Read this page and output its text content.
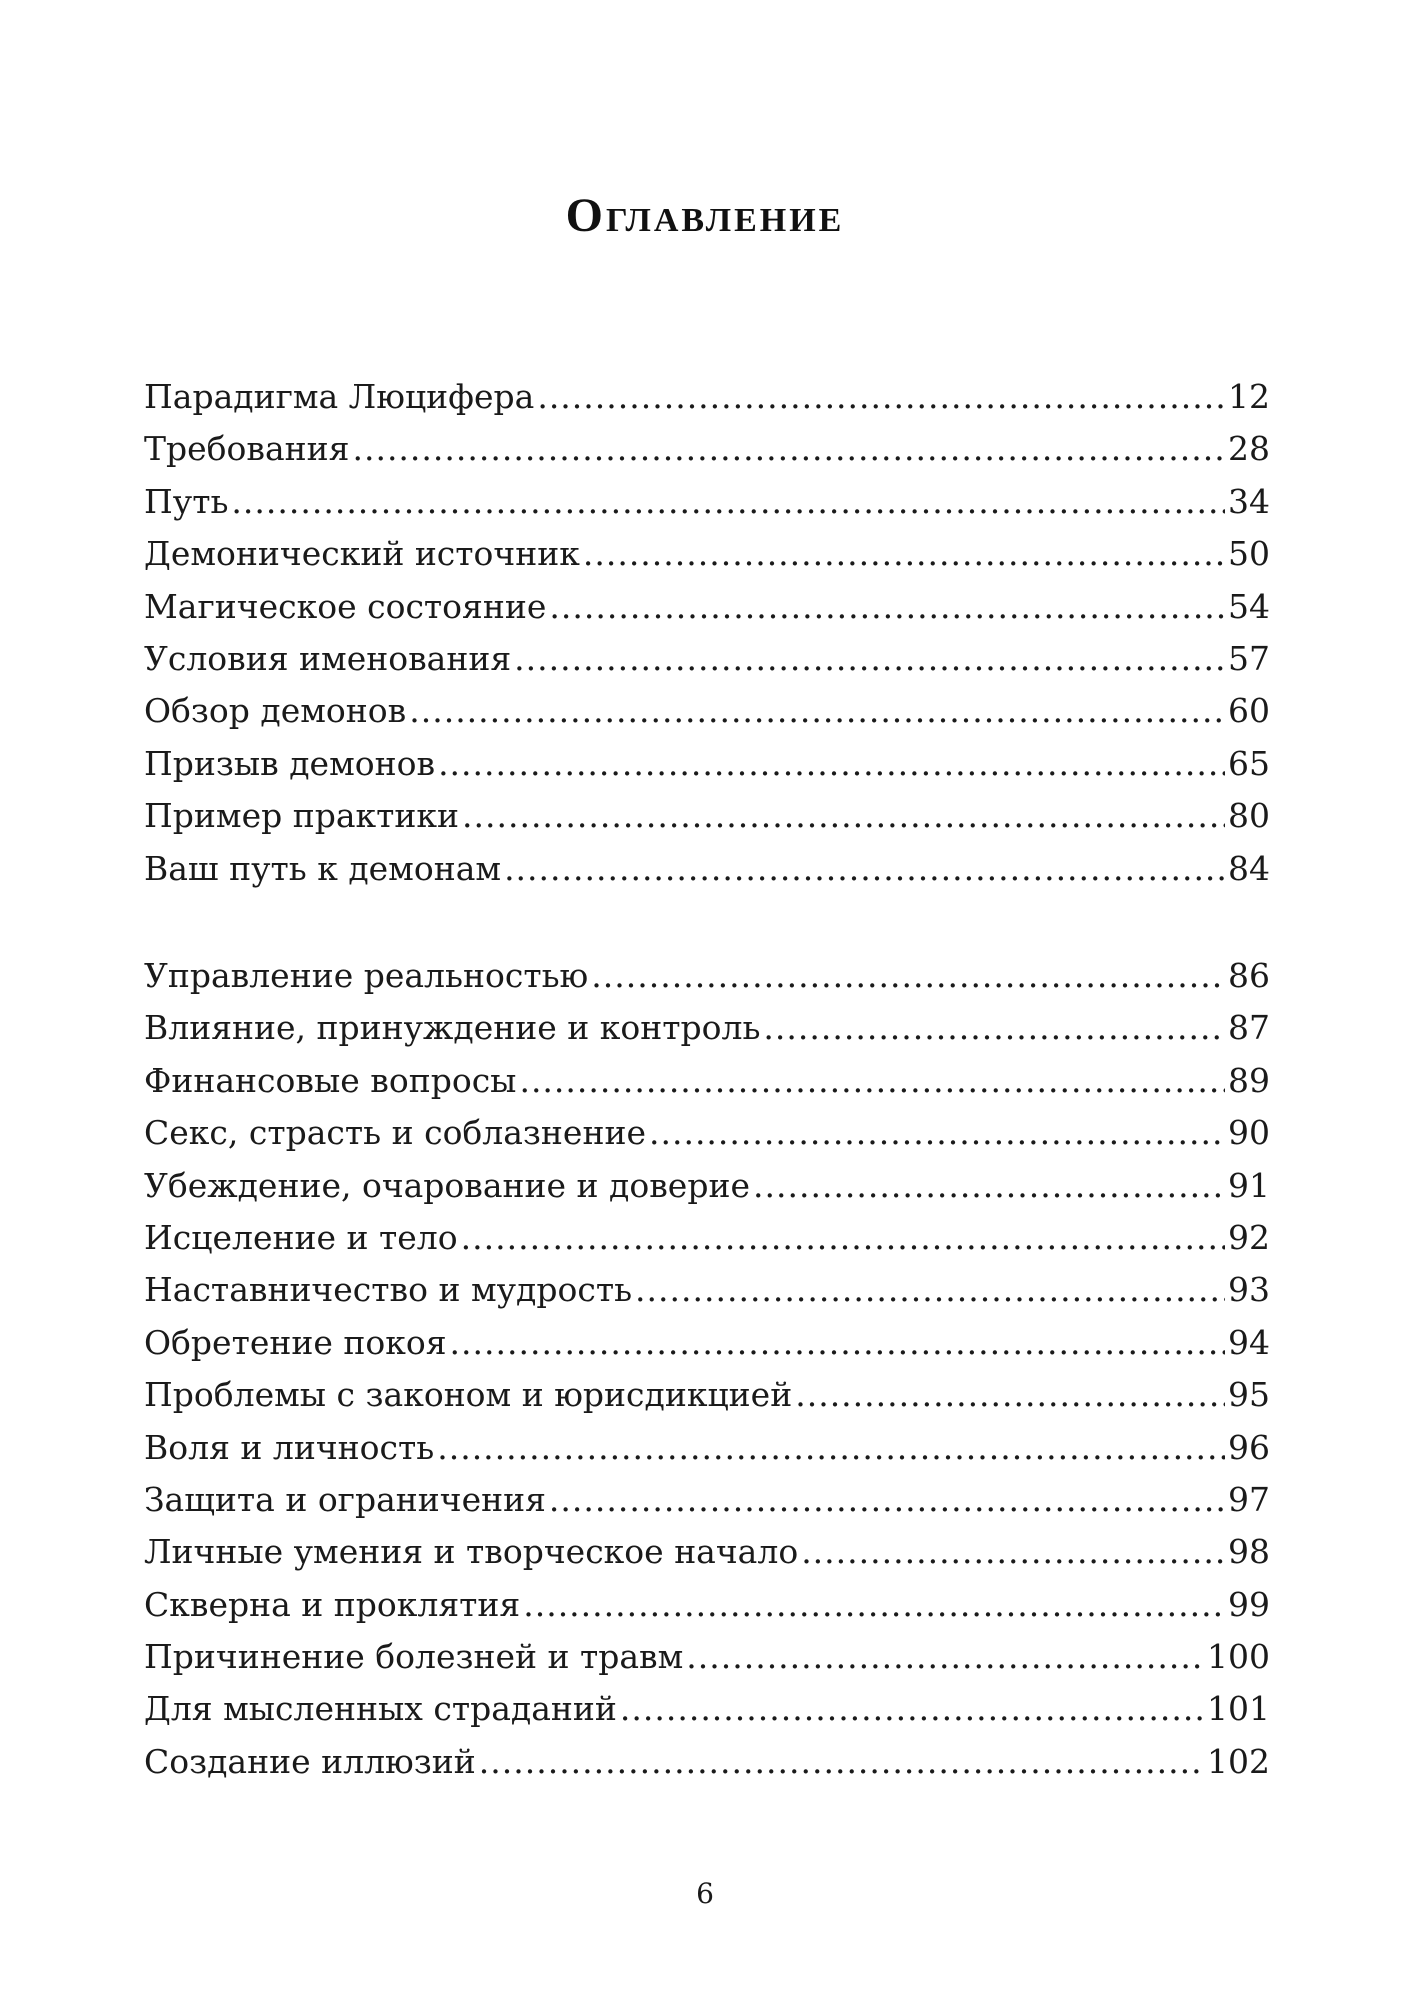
Оглавление
Парадигма Люцифера .....	12
Требования .....	28
Путь .....	34
Демонический источник .....	50
Магическое состояние .....	54
Условия именования .....	57
Обзор демонов .....	60
Призыв демонов .....	65
Пример практики .....	80
Ваш путь к демонам .....	84
Управление реальностью .....	86
Влияние, принуждение и контроль .....	87
Финансовые вопросы .....	89
Секс, страсть и соблазнение .....	90
Убеждение, очарование и доверие .....	91
Исцеление и тело .....	92
Наставничество и мудрость .....	93
Обретение покоя .....	94
Проблемы с законом и юрисдикцией .....	95
Воля и личность .....	96
Защита и ограничения .....	97
Личные умения и творческое начало .....	98
Скверна и проклятия .....	99
Причинение болезней и травм .....	100
Для мысленных страданий .....	101
Создание иллюзий .....	102
6
